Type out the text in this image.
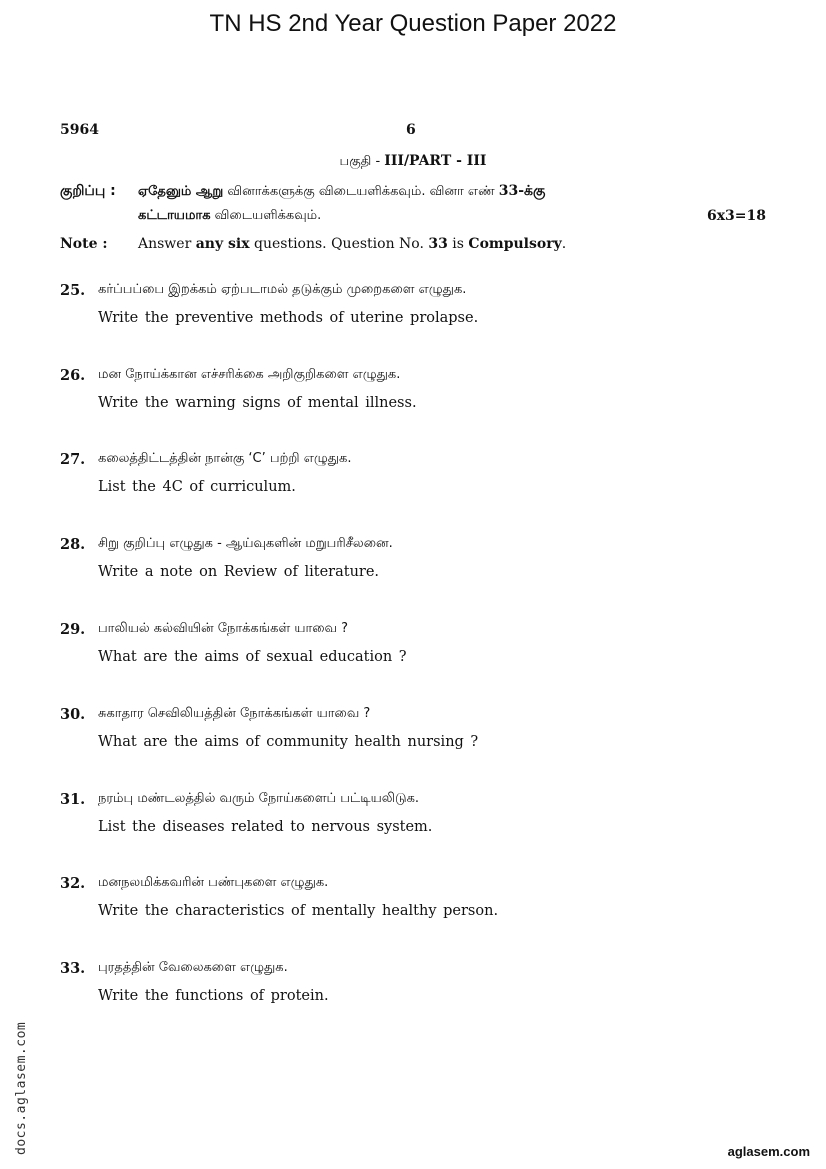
TN HS 2nd Year Question Paper 2022
5964	6
பகுதி - III/PART - III
குறிப்பு : ஏதேனும் ஆறு வினாக்களுக்கு விடையளிக்கவும். வினா எண் 33-க்கு
கட்டாயமாக விடையளிக்கவும்.	6x3=18
Note : Answer any six questions. Question No. 33 is Compulsory.
25. கர்ப்பப்பை இறக்கம் ஏற்படாமல் தடுக்கும் முறைகளை எழுதுக.
Write the preventive methods of uterine prolapse.
26. மன நோய்க்கான எச்சரிக்கை அறிகுறிகளை எழுதுக.
Write the warning signs of mental illness.
27. கலைத்திட்டத்தின் நான்கு ‘C’ பற்றி எழுதுக.
List the 4C of curriculum.
28. சிறு குறிப்பு எழுதுக - ஆய்வுகளின் மறுபரிசீலனை.
Write a note on Review of literature.
29. பாலியல் கல்வியின் நோக்கங்கள் யாவை ?
What are the aims of sexual education ?
30. சுகாதார செவிலியத்தின் நோக்கங்கள் யாவை ?
What are the aims of community health nursing ?
31. நரம்பு மண்டலத்தில் வரும் நோய்களைப் பட்டியலிடுக.
List the diseases related to nervous system.
32. மனநலமிக்கவரின் பண்புகளை எழுதுக.
Write the characteristics of mentally healthy person.
33. புரதத்தின் வேலைகளை எழுதுக.
Write the functions of protein.
docs.aglasem.com	aglasem.com
